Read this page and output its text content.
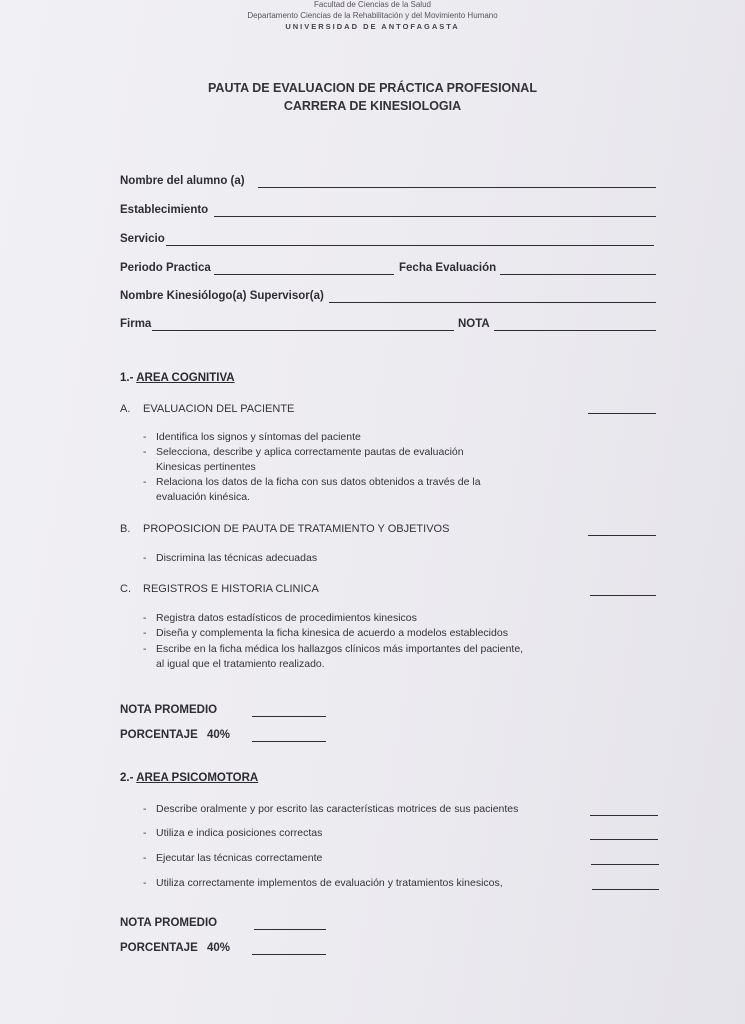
Facultad de Ciencias de la Salud
Departamento Ciencias de la Rehabilitación y del Movimiento Humano
UNIVERSIDAD DE ANTOFAGASTA
PAUTA DE EVALUACION DE PRÁCTICA PROFESIONAL
CARRERA DE KINESIOLOGIA
Nombre del alumno (a)
Establecimiento
Servicio
Periodo Practica	Fecha Evaluación
Nombre Kinesiólogo(a) Supervisor(a)
Firma	NOTA
1.- AREA COGNITIVA
A. EVALUACION DEL PACIENTE
- Identifica los signos y síntomas del paciente
- Selecciona, describe y aplica correctamente pautas de evaluación
Kinesicas pertinentes
- Relaciona los datos de la ficha con sus datos obtenidos a través de la
evaluación kinésica.
B. PROPOSICION DE PAUTA DE TRATAMIENTO Y OBJETIVOS
- Discrimina las técnicas adecuadas
C. REGISTROS E HISTORIA CLINICA
- Registra datos estadísticos de procedimientos kinesicos
- Diseña y complementa la ficha kinesica de acuerdo a modelos establecidos
- Escribe en la ficha médica los hallazgos clínicos más importantes del paciente,
al igual que el tratamiento realizado.
NOTA PROMEDIO
PORCENTAJE 40%
2.- AREA PSICOMOTORA
- Describe oralmente y por escrito las características motrices de sus pacientes
- Utiliza e indica posiciones correctas
- Ejecutar las técnicas correctamente
- Utiliza correctamente implementos de evaluación y tratamientos kinesicos,
NOTA PROMEDIO
PORCENTAJE 40%
